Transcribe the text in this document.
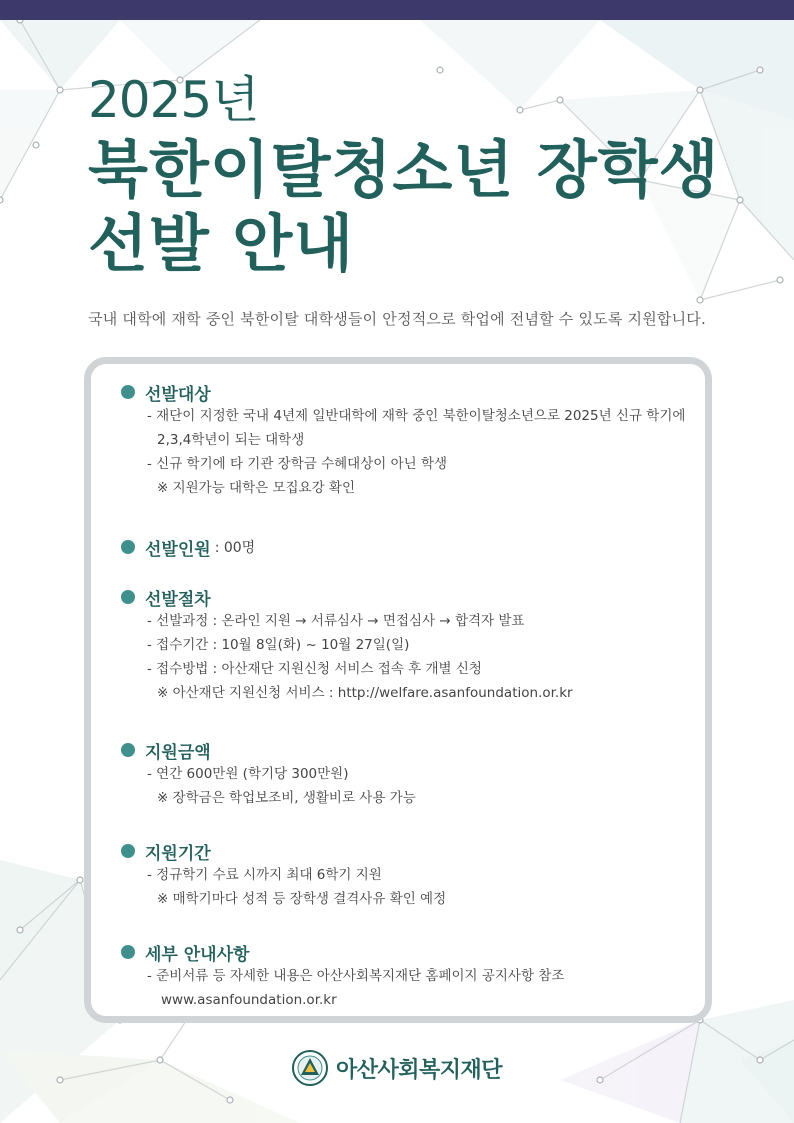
2025년
북한이탈청소년 장학생
선발 안내
국내 대학에 재학 중인 북한이탈 대학생들이 안정적으로 학업에 전념할 수 있도록 지원합니다.
선발대상
- 재단이 지정한 국내 4년제 일반대학에 재학 중인 북한이탈청소년으로 2025년 신규 학기에
2,3,4학년이 되는 대학생
- 신규 학기에 타 기관 장학금 수혜대상이 아닌 학생
※ 지원가능 대학은 모집요강 확인
선발인원 : 00명
선발절차
- 선발과정 : 온라인 지원 → 서류심사 → 면접심사 → 합격자 발표
- 접수기간 : 10월 8일(화) ~ 10월 27일(일)
- 접수방법 : 아산재단 지원신청 서비스 접속 후 개별 신청
※ 아산재단 지원신청 서비스 : http://welfare.asanfoundation.or.kr
지원금액
- 연간 600만원 (학기당 300만원)
※ 장학금은 학업보조비, 생활비로 사용 가능
지원기간
- 정규학기 수료 시까지 최대 6학기 지원
※ 매학기마다 성적 등 장학생 결격사유 확인 예정
세부 안내사항
- 준비서류 등 자세한 내용은 아산사회복지재단 홈페이지 공지사항 참조
www.asanfoundation.or.kr
아산사회복지재단
